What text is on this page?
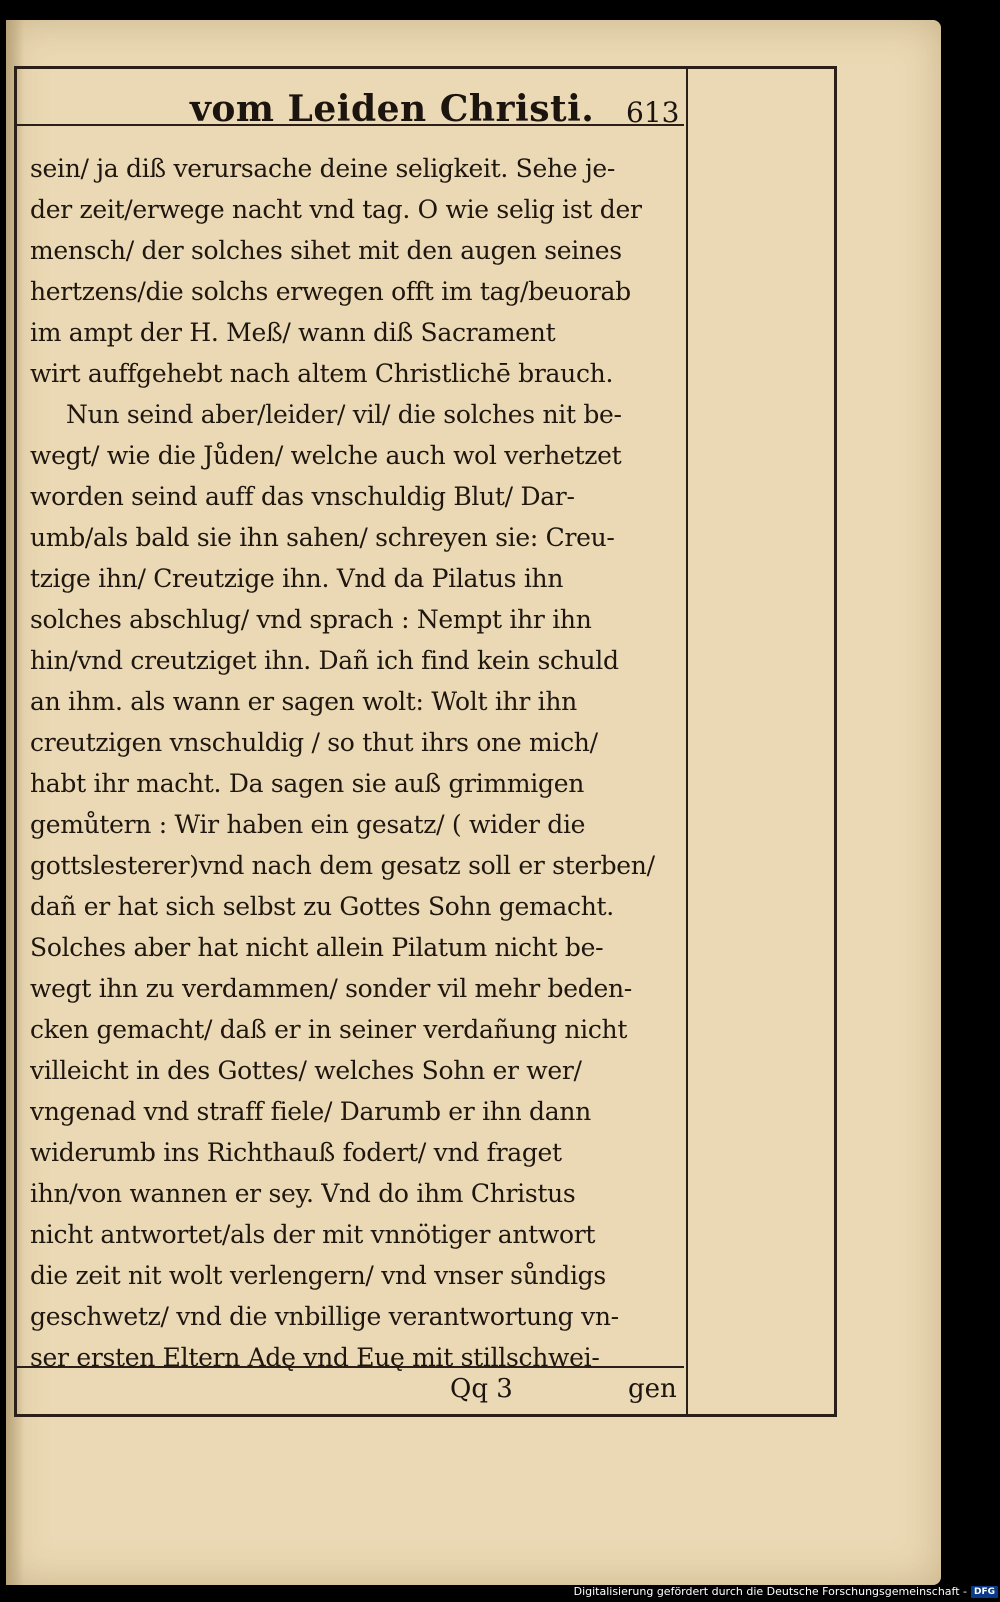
vom Leiden Christi. 613
sein/ ja diß verursache deine seligkeit. Sehe je-
der zeit/erwege nacht vnd tag. O wie selig ist der
mensch/ der solches sihet mit den augen seines
hertzens/die solchs erwegen offt im tag/beuorab
im ampt der H. Meß/ wann diß Sacrament
wirt auffgehebt nach altem Christlichē brauch.
Nun seind aber/leider/ vil/ die solches nit be-
wegt/ wie die Jůden/ welche auch wol verhetzet
worden seind auff das vnschuldig Blut/ Dar-
umb/als bald sie ihn sahen/ schreyen sie: Creu-
tzige ihn/ Creutzige ihn. Vnd da Pilatus ihn
solches abschlug/ vnd sprach : Nempt ihr ihn
hin/vnd creutziget ihn. Dañ ich find kein schuld
an ihm. als wann er sagen wolt: Wolt ihr ihn
creutzigen vnschuldig / so thut ihrs one mich/
habt ihr macht. Da sagen sie auß grimmigen
gemůtern : Wir haben ein gesatz/ ( wider die
gottslesterer)vnd nach dem gesatz soll er sterben/
dañ er hat sich selbst zu Gottes Sohn gemacht.
Solches aber hat nicht allein Pilatum nicht be-
wegt ihn zu verdammen/ sonder vil mehr beden-
cken gemacht/ daß er in seiner verdañung nicht
villeicht in des Gottes/ welches Sohn er wer/
vngenad vnd straff fiele/ Darumb er ihn dann
widerumb ins Richthauß fodert/ vnd fraget
ihn/von wannen er sey. Vnd do ihm Christus
nicht antwortet/als der mit vnnötiger antwort
die zeit nit wolt verlengern/ vnd vnser sůndigs
geschwetz/ vnd die vnbillige verantwortung vn-
ser ersten Eltern Adę vnd Euę mit stillschwei-
Qq 3	gen
Digitalisierung gefördert durch die Deutsche Forschungsgemeinschaft - DFG
